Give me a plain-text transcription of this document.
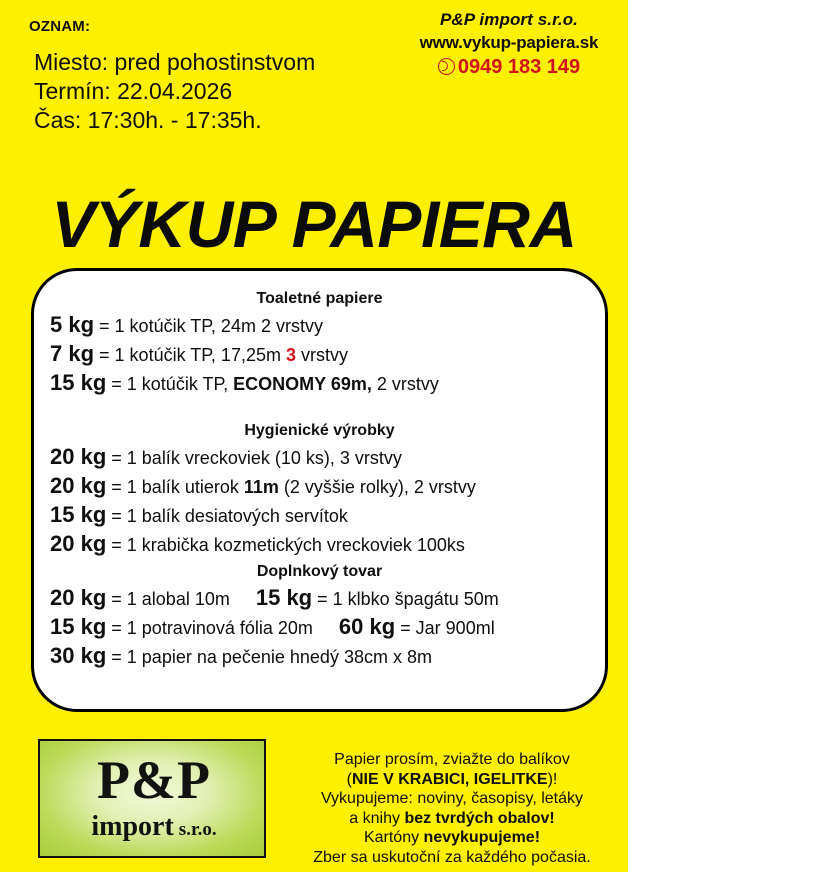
OZNAM:
Miesto: pred pohostinstvom
Termín: 22.04.2026
Čas: 17:30h. - 17:35h.
P&P import s.r.o.
www.vykup-papiera.sk
0949 183 149
VÝKUP PAPIERA
Toaletné papiere
5 kg = 1 kotúčik TP, 24m 2 vrstvy
7 kg = 1 kotúčik TP, 17,25m 3 vrstvy
15 kg = 1 kotúčik TP, ECONOMY 69m, 2 vrstvy
Hygienické výrobky
20 kg = 1 balík vreckoviek (10 ks), 3 vrstvy
20 kg = 1 balík utierok 11m (2 vyššie rolky), 2 vrstvy
15 kg = 1 balík desiatových servítok
20 kg = 1 krabička kozmetických vreckoviek 100ks
Doplnkový tovar
20 kg = 1 alobal 10m 15 kg = 1 klbko špagátu 50m
15 kg = 1 potravinová fólia 20m 60 kg = Jar 900ml
30 kg = 1 papier na pečenie hnedý 38cm x 8m
P&P
import s.r.o.
Papier prosím, zviažte do balíkov
(NIE V KRABICI, IGELITKE)!
Vykupujeme: noviny, časopisy, letáky
a knihy bez tvrdých obalov!
Kartóny nevykupujeme!
Zber sa uskutoční za každého počasia.
